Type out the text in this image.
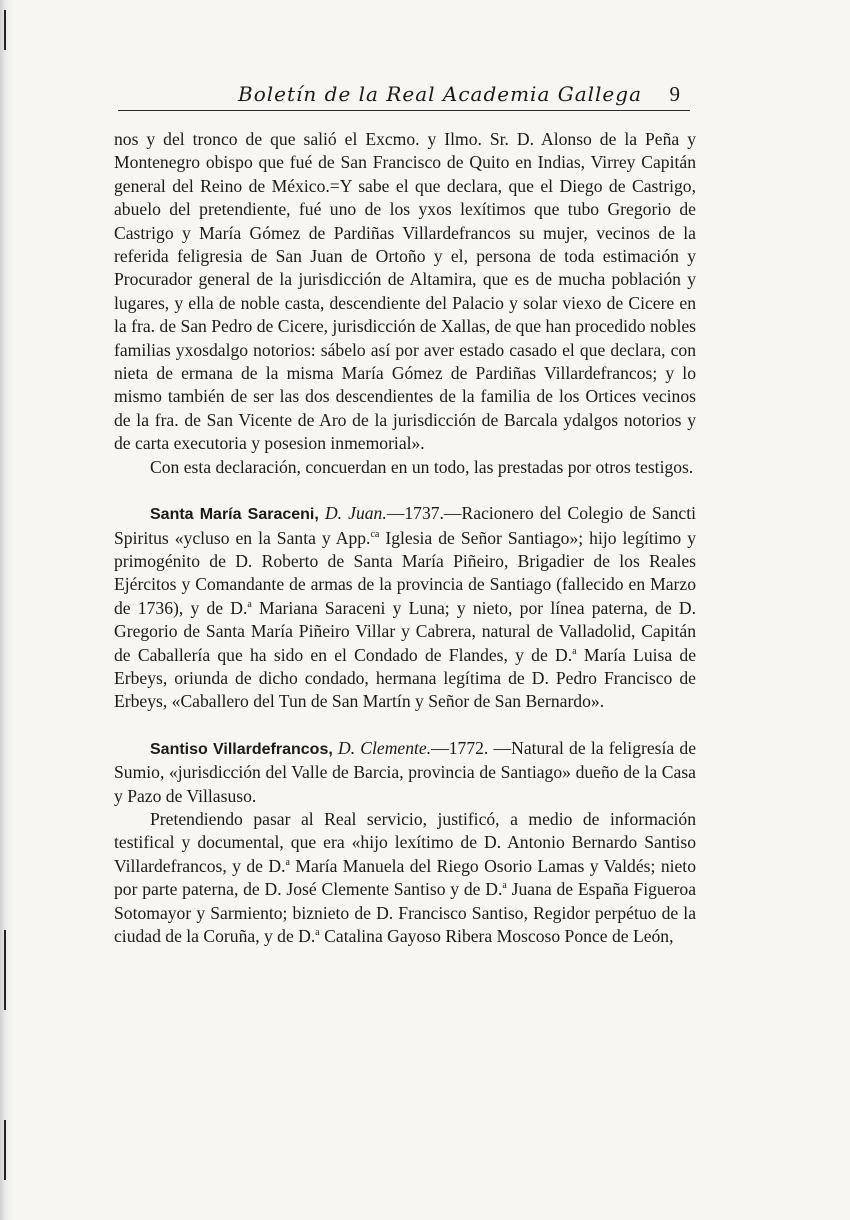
Boletín de la Real Academia Gallega 9

nos y del tronco de que salió el Excmo. y Ilmo. Sr. D. Alonso de la Peña y Montenegro obispo que fué de San Francisco de Quito en Indias, Virrey Capitán general del Reino de México.=Y sabe el que declara, que el Diego de Castrigo, abuelo del pretendiente, fué uno de los yxos lexítimos que tubo Gregorio de Castrigo y María Gómez de Pardiñas Villardefrancos su mujer, vecinos de la referida feligresia de San Juan de Ortoño y el, persona de toda estimación y Procurador general de la jurisdicción de Altamira, que es de mucha población y lugares, y ella de noble casta, descendiente del Palacio y solar viexo de Cicere en la fra. de San Pedro de Cicere, jurisdicción de Xallas, de que han procedido nobles familias yxosdalgo notorios: sábelo así por aver estado casado el que declara, con nieta de ermana de la misma María Gómez de Pardiñas Villardefrancos; y lo mismo también de ser las dos descendientes de la familia de los Ortices vecinos de la fra. de San Vicente de Aro de la jurisdicción de Barcala ydalgos notorios y de carta executoria y posesion inmemorial».

Con esta declaración, concuerdan en un todo, las prestadas por otros testigos.

Santa María Saraceni, D. Juan.—1737.—Racionero del Colegio de Sancti Spiritus «ycluso en la Santa y App.$^{ca}$ Iglesia de Señor Santiago»; hijo legítimo y primogénito de D. Roberto de Santa María Piñeiro, Brigadier de los Reales Ejércitos y Comandante de armas de la provincia de Santiago (fallecido en Marzo de 1736), y de D.$^a$ Mariana Saraceni y Luna; y nieto, por línea paterna, de D. Gregorio de Santa María Piñeiro Villar y Cabrera, natural de Valladolid, Capitán de Caballería que ha sido en el Condado de Flandes, y de D.$^a$ María Luisa de Erbeys, oriunda de dicho condado, hermana legítima de D. Pedro Francisco de Erbeys, «Caballero del Tun de San Martín y Señor de San Bernardo».

Santiso Villardefrancos, D. Clemente.—1772. —Natural de la feligresía de Sumio, «jurisdicción del Valle de Barcia, provincia de Santiago» dueño de la Casa y Pazo de Villasuso.

Pretendiendo pasar al Real servicio, justificó, a medio de información testifical y documental, que era «hijo lexítimo de D. Antonio Bernardo Santiso Villardefrancos, y de D.$^a$ María Manuela del Riego Osorio Lamas y Valdés; nieto por parte paterna, de D. José Clemente Santiso y de D.$^a$ Juana de España Figueroa Sotomayor y Sarmiento; biznieto de D. Francisco Santiso, Regidor perpétuo de la ciudad de la Coruña, y de D.$^a$ Catalina Gayoso Ribera Moscoso Ponce de León,
